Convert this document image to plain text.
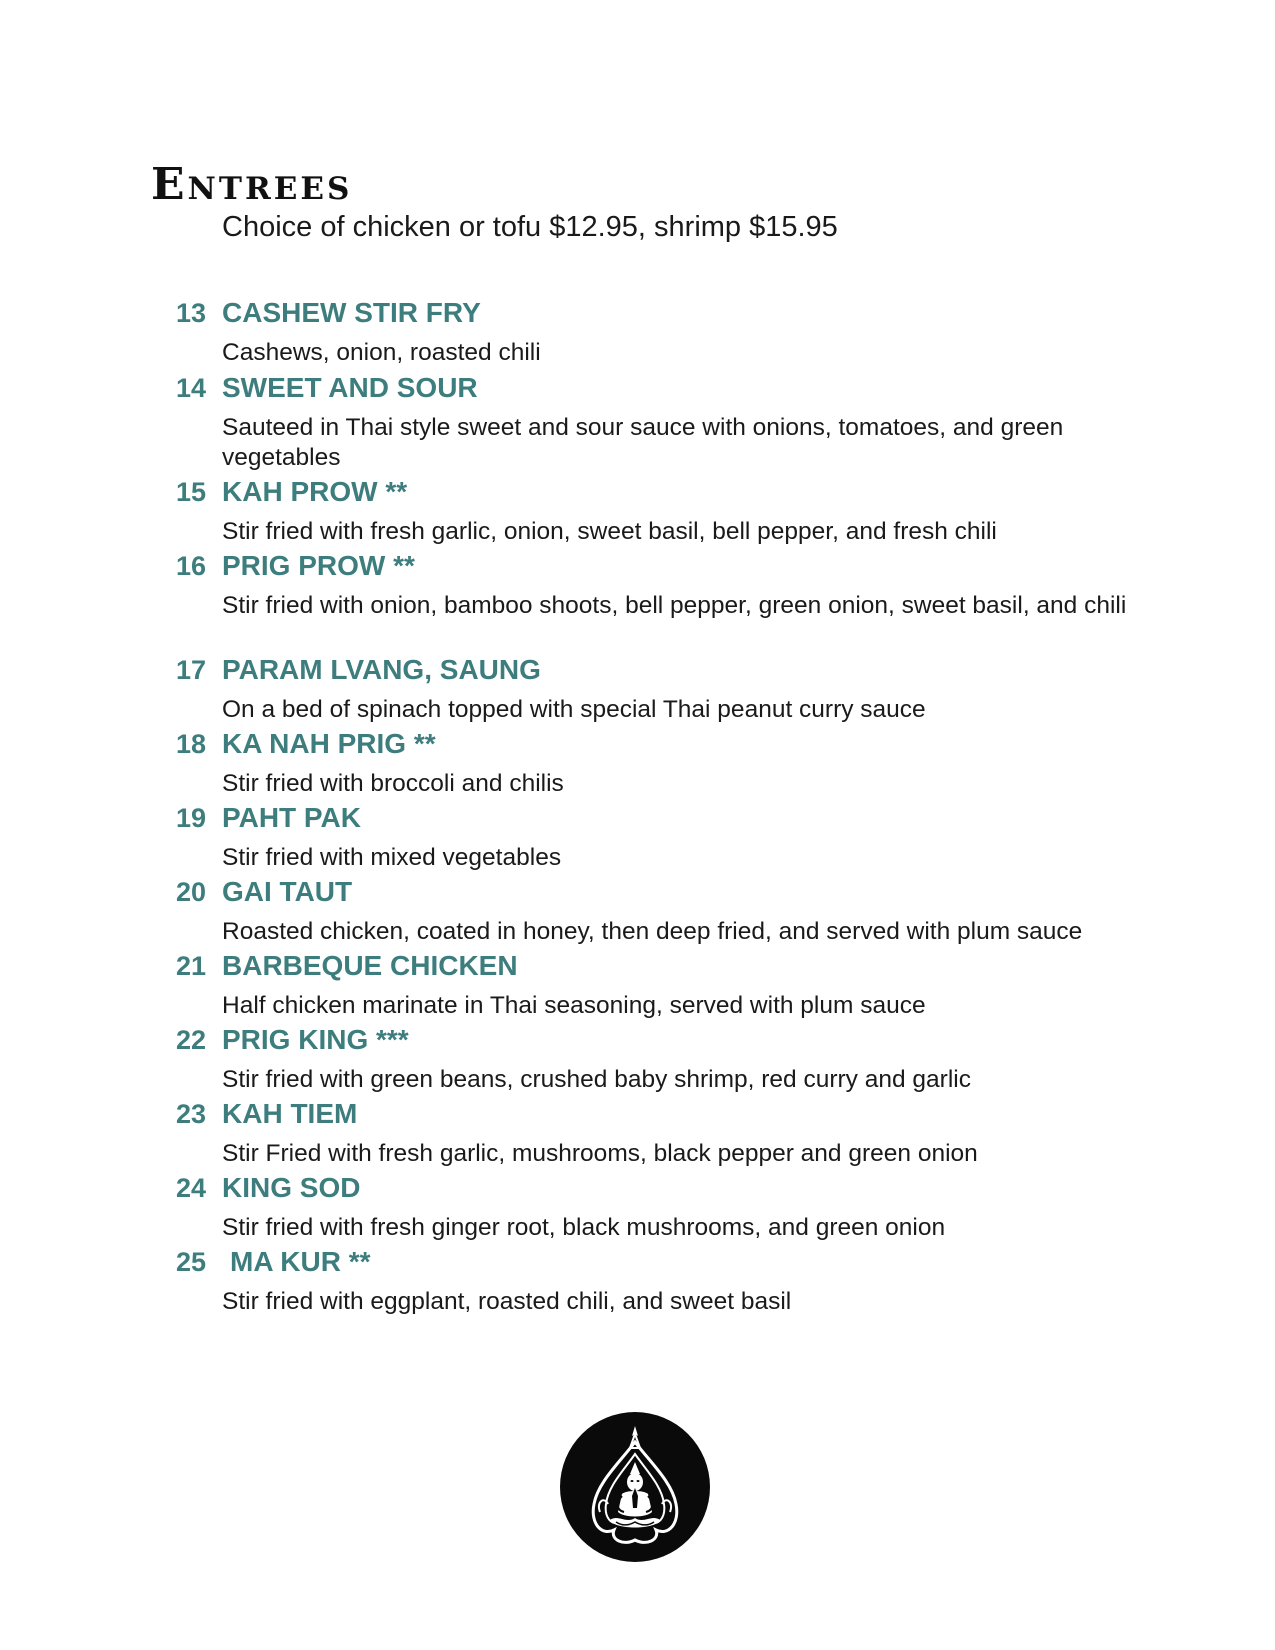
Entrees

Choice of chicken or tofu $12.95, shrimp $15.95

13 CASHEW STIR FRY
Cashews, onion, roasted chili
14 SWEET AND SOUR
Sauteed in Thai style sweet and sour sauce with onions, tomatoes, and green vegetables
15 KAH PROW **
Stir fried with fresh garlic, onion, sweet basil, bell pepper, and fresh chili
16 PRIG PROW **
Stir fried with onion, bamboo shoots, bell pepper, green onion, sweet basil, and chili
17 PARAM LVANG, SAUNG
On a bed of spinach topped with special Thai peanut curry sauce
18 KA NAH PRIG **
Stir fried with broccoli and chilis
19 PAHT PAK
Stir fried with mixed vegetables
20 GAI TAUT
Roasted chicken, coated in honey, then deep fried, and served with plum sauce
21 BARBEQUE CHICKEN
Half chicken marinate in Thai seasoning, served with plum sauce
22 PRIG KING ***
Stir fried with green beans, crushed baby shrimp, red curry and garlic
23 KAH TIEM
Stir Fried with fresh garlic, mushrooms, black pepper and green onion
24 KING SOD
Stir fried with fresh ginger root, black mushrooms, and green onion
25 MA KUR **
Stir fried with eggplant, roasted chili, and sweet basil
